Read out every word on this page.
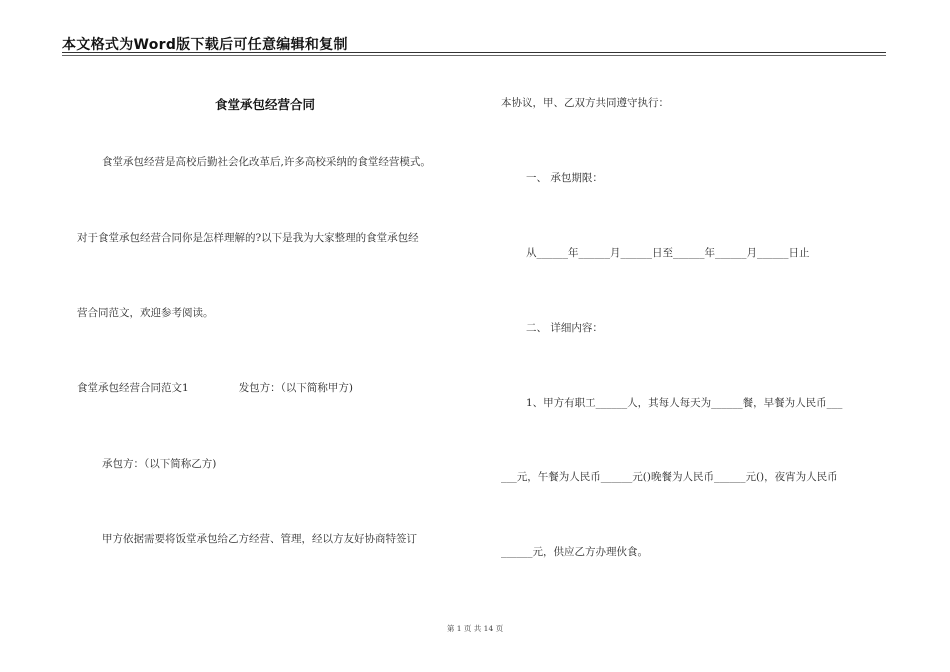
本文格式为Word版下载后可任意编辑和复制
食堂承包经营合同
食堂承包经营是高校后勤社会化改革后,许多高校采纳的食堂经营模式。
对于食堂承包经营合同你是怎样理解的?以下是我为大家整理的食堂承包经
营合同范文，欢迎参考阅读。
食堂承包经营合同范文1	发包方：（以下简称甲方)
承包方：（以下简称乙方)
甲方依据需要将饭堂承包给乙方经营、管理，经以方友好协商特签订
本协议，甲、乙双方共同遵守执行：
一、 承包期限：
从______年______月______日至______年______月______日止
二、 详细内容：
1、甲方有职工______人，其每人每天为______餐，早餐为人民币___
___元，午餐为人民币______元()晚餐为人民币______元()，夜宵为人民币
______元，供应乙方办理伙食。
第 1 页 共 14 页
